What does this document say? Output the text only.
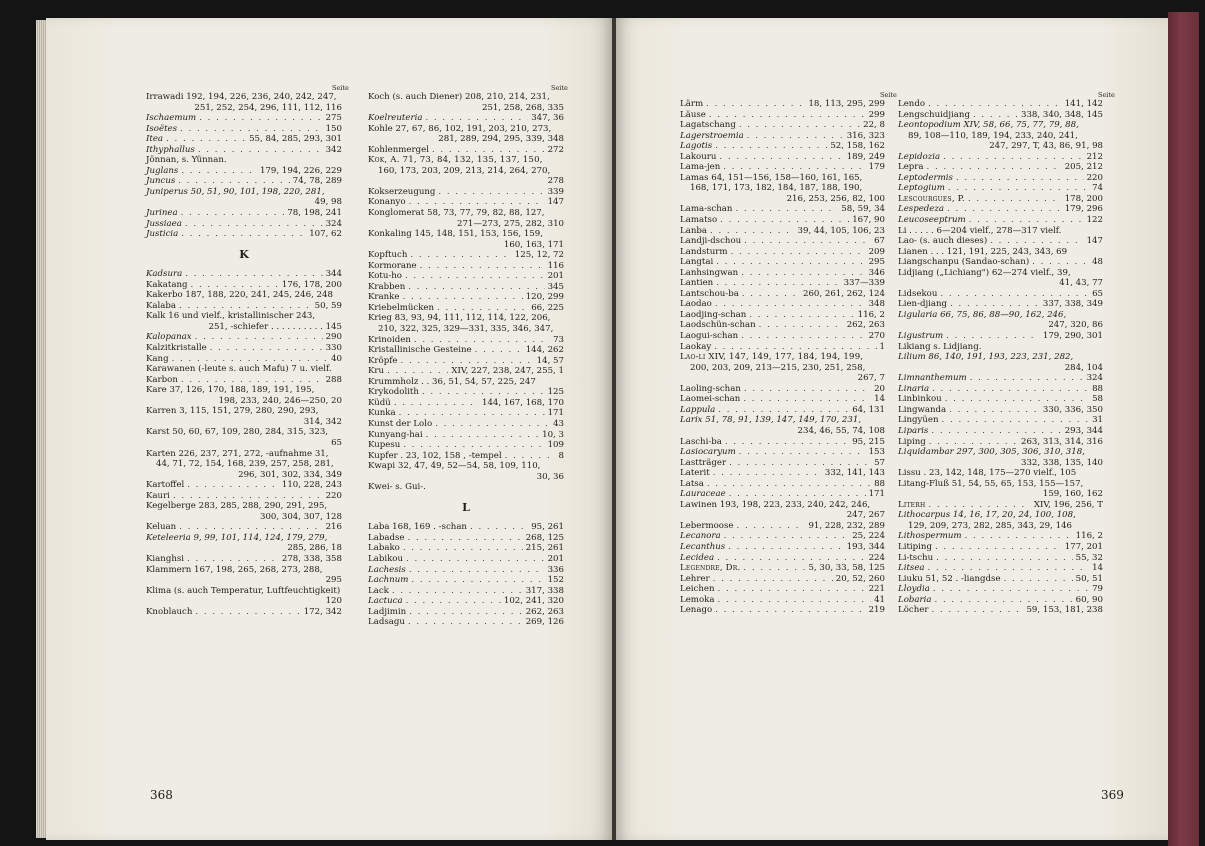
Seite
Irrawadi 192, 194, 226, 236, 240, 242, 247,
251, 252, 254, 296, 111, 112, 116
Ischaemum . . .	275
Isoëtes . . .	150
Itea . . .	55, 84, 285, 293, 301
Ithyphallus . . .	342
Jönnan, s. Yünnan.
Juglans . . .	179, 194, 226, 229
Juncus . . .	74, 78, 289
Juniperus 50, 51, 90, 101, 198, 220, 281,
49, 98
Jurinea . . .	78, 198, 241
Jussiaea . . .	324
Justicia . . .	107, 62
K
Kadsura . . .	344
Kakatang . . .	176, 178, 200
Kakerbo 187, 188, 220, 241, 245, 246, 248
Kalaba . . .	50, 59
Kalk 16 und vielf., kristallinischer 243,
251, -schiefer . . . . . . . . . . 145
Kalopanax . . .	290
Kalzitkristalle . . .	330
Kang . . .	40
Karawanen (-leute s. auch Mafu) 7 u. vielf.
Karbon . . .	288
Kare 37, 126, 170, 188, 189, 191, 195,
198, 233, 240, 246—250, 20
Karren 3, 115, 151, 279, 280, 290, 293,
314, 342
Karst 50, 60, 67, 109, 280, 284, 315, 323,
65
Karten 226, 237, 271, 272, -aufnahme 31,
44, 71, 72, 154, 168, 239, 257, 258, 281,
296, 301, 302, 334, 349
Kartoffel . . .	110, 228, 243
Kauri . . .	220
Kegelberge 283, 285, 288, 290, 291, 295,
300, 304, 307, 128
Keluan . . .	216
Keteleeria 9, 99, 101, 114, 124, 179, 279,
285, 286, 18
Kianghsi . . .	278, 338, 358
Klammern 167, 198, 265, 268, 273, 288,
295
Klima (s. auch Temperatur, Luftfeuchtigkeit)
120
Knoblauch . . .	172, 342
Koch (s. auch Diener) 208, 210, 214, 231,
251, 258, 268, 335
Koelreuteria . . .	347, 36
Kohle 27, 67, 86, 102, 191, 203, 210, 273,
281, 289, 294, 295, 339, 348
Kohlenmergel . . .	272
Kok, A. 71, 73, 84, 132, 135, 137, 150,
160, 173, 203, 209, 213, 214, 264, 270,
278
Kokserzeugung . . .	339
Konanyo . . .	147
Konglomerat 58, 73, 77, 79, 82, 88, 127,
271—273, 275, 282, 310
Konkaling 145, 148, 151, 153, 156, 159,
160, 163, 171
Kopftuch . . .	125, 12, 72
Kormorane . . .	116
Kotu-ho . . .	201
Krabben . . .	345
Kranke . . .	120, 299
Kriebelmücken . . .	66, 225
Krieg 83, 93, 94, 111, 112, 114, 122, 206,
210, 322, 325, 329—331, 335, 346, 347,
Krinoiden . . .	73
Kristallinische Gesteine . . .	144, 262
Kröpfe . . .	14, 57
Kru . . .	XIV, 227, 238, 247, 255, 1
Krummholz . . 36, 51, 54, 57, 225, 247
Krykodolith . . .	125
Küdü . . .	144, 167, 168, 170
Kunka . . .	171
Kunst der Lolo . . .	43
Kunyang-hai . . .	10, 3
Kupesu . . .	109
Kupfer . 23, 102, 158 , -tempel . . .	8
Kwapi 32, 47, 49, 52—54, 58, 109, 110,
30, 36
Kwei- s. Gui-.
L
Laba 168, 169 . -schan . . .	95, 261
Labadse . . .	268, 125
Labako . . .	215, 261
Labikou . . .	201
Lachesis . . .	336
Lachnum . . .	152
Lack . . .	317, 338
Lactuca . . .	102, 241, 320
Ladjimin . . .	262, 263
Ladsagu . . .	269, 126
Seite
368
Seite
Lärm . . .	18, 113, 295, 299
Läuse . . .	299
Lagatschang . . .	22, 8
Lagerstroemia . . .	316, 323
Lagotis . . .	52, 158, 162
Lakouru . . .	189, 249
Lama-jen . . .	179
Lamas 64, 151—156, 158—160, 161, 165,
168, 171, 173, 182, 184, 187, 188, 190,
216, 253, 256, 82, 100
Lama-schan . . .	58, 59, 34
Lamatso . . .	167, 90
Lanba . . .	39, 44, 105, 106, 23
Landji-dschou . . .	67
Landsturm . . .	209
Langtai . . .	295
Lanhsingwan . . .	346
Lantien . . .	337—339
Lantschou-ba . . .	260, 261, 262, 124
Laodao . . .	348
Laodjing-schan . . .	116, 2
Laodschün-schan . . .	262, 263
Laogui-schan . . .	270
Laokay . . .	1
Lao-li XIV, 147, 149, 177, 184, 194, 199,
200, 203, 209, 213—215, 230, 251, 258,
267, 7
Laoling-schan . . .	20
Laomei-schan . . .	14
Lappula . . .	64, 131
Larix 51, 78, 91, 139, 147, 149, 170, 231,
234, 46, 55, 74, 108
Laschi-ba . . .	95, 215
Lasiocaryum . . .	153
Lastträger . . .	57
Laterit . . .	332, 141, 143
Latsa . . .	88
Lauraceae . . .	171
Lawinen 193, 198, 223, 233, 240, 242, 246,
247, 267
Lebermoose . . .	91, 228, 232, 289
Lecanora . . .	25, 224
Lecanthus . . .	193, 344
Lecidea . . .	224
Legendre, Dr. . . .	5, 30, 33, 58, 125
Lehrer . . .	20, 52, 260
Leichen . . .	221
Lemoka . . .	41
Lenago . . .	219
Seite
Lendo . . .	141, 142
Lengschuidjiang . . .	338, 340, 348, 145
Leontopodium XIV, 58, 66, 75, 77, 79, 88,
89, 108—110, 189, 194, 233, 240, 241,
247, 297, T, 43, 86, 91, 98
Lepidozia . . .	212
Lepra . . .	205, 212
Leptodermis . . .	220
Leptogium . . .	74
Lescourgues, P. . . .	178, 200
Lespedeza . . .	179, 296
Leucoseeptrum . . .	122
Li . . . . . 6—204 vielf., 278—317 vielf.
Lao- (s. auch dieses) . . .	147
Lianen . . . 121, 191, 225, 243, 343, 69
Liangschanpu (Sandao-schan) . . .	48
Lidjiang („Lichiang") 62—274 vielf., 39,
41, 43, 77
Lidsekou . . .	65
Lien-djiang . . .	337, 338, 349
Ligularia 66, 75, 86, 88—90, 162, 246,
247, 320, 86
Ligustrum . . .	179, 290, 301
Likiang s. Lidjiang.
Lilium 86, 140, 191, 193, 223, 231, 282,
284, 104
Limnanthemum . . .	324
Linaria . . .	88
Linbinkou . . .	58
Lingwanda . . .	330, 336, 350
Lingyüen . . .	31
Liparis . . .	293, 344
Liping . . .	263, 313, 314, 316
Liquidambar 297, 300, 305, 306, 310, 318,
332, 338, 135, 140
Lissu . 23, 142, 148, 175—270 vielf., 105
Litang-Fluß 51, 54, 55, 65, 153, 155—157,
159, 160, 162
Literh . . .	XIV, 196, 256, T
Lithocarpus 14, 16, 17, 20, 24, 100, 108,
129, 209, 273, 282, 285, 343, 29, 146
Lithospermum . . .	116, 2
Litiping . . .	177, 201
Li-tschu . . .	55, 32
Litsea . . .	14
Liuku 51, 52 . -liangdse . . .	50, 51
Lloydia . . .	79
Lobaria . . .	60, 90
Löcher . . .	59, 153, 181, 238
369
